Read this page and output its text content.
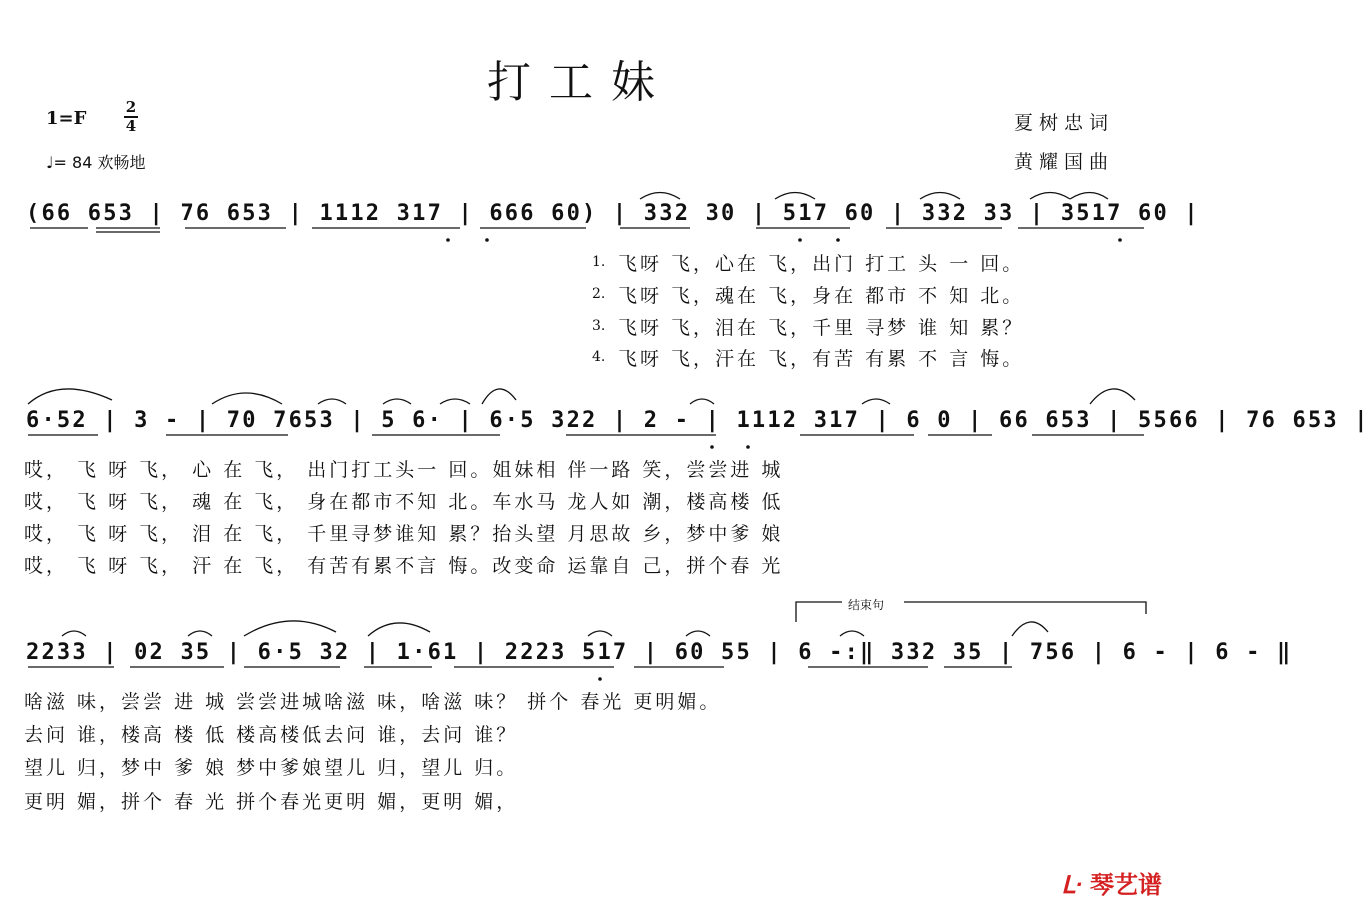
打工妹
1=F
2
4
♩= 84 欢畅地
夏树忠词
黄耀国曲
(66 653 | 76 653 | 1112 317 | 666 60) | 332 30 | 517 60 | 332 33 | 3517 60 |
1.
2.
3.
4.
飞呀 飞，心在 飞，出门 打工 头 一 回。
飞呀 飞，魂在 飞，身在 都市 不 知 北。
飞呀 飞，泪在 飞，千里 寻梦 谁 知 累？
飞呀 飞，汗在 飞，有苦 有累 不 言 悔。
6·52 | 3 - | 70 7653 | 5 6· | 6·5 322 | 2 - | 1112 317 | 6 0 | 66 653 | 5566 | 76 653 |
哎， 飞 呀 飞， 心 在 飞， 出门打工头一 回。姐妹相 伴一路 笑，尝尝进 城
哎， 飞 呀 飞， 魂 在 飞， 身在都市不知 北。车水马 龙人如 潮，楼高楼 低
哎， 飞 呀 飞， 泪 在 飞， 千里寻梦谁知 累？抬头望 月思故 乡，梦中爹 娘
哎， 飞 呀 飞， 汗 在 飞， 有苦有累不言 悔。改变命 运靠自 己，拼个春 光
结束句
2233 | 02 35 | 6·5 32 | 1·61 | 2223 517 | 60 55 | 6 -:‖ 332 35 | 756 | 6 - | 6 - ‖
啥滋 味，尝尝 进 城 尝尝进城啥滋 味，啥滋 味？ 拼个 春光 更明媚。
去问 谁，楼高 楼 低 楼高楼低去问 谁，去问 谁？
望儿 归，梦中 爹 娘 梦中爹娘望儿 归，望儿 归。
更明 媚，拼个 春 光 拼个春光更明 媚，更明 媚，
ᒷ 琴艺谱
